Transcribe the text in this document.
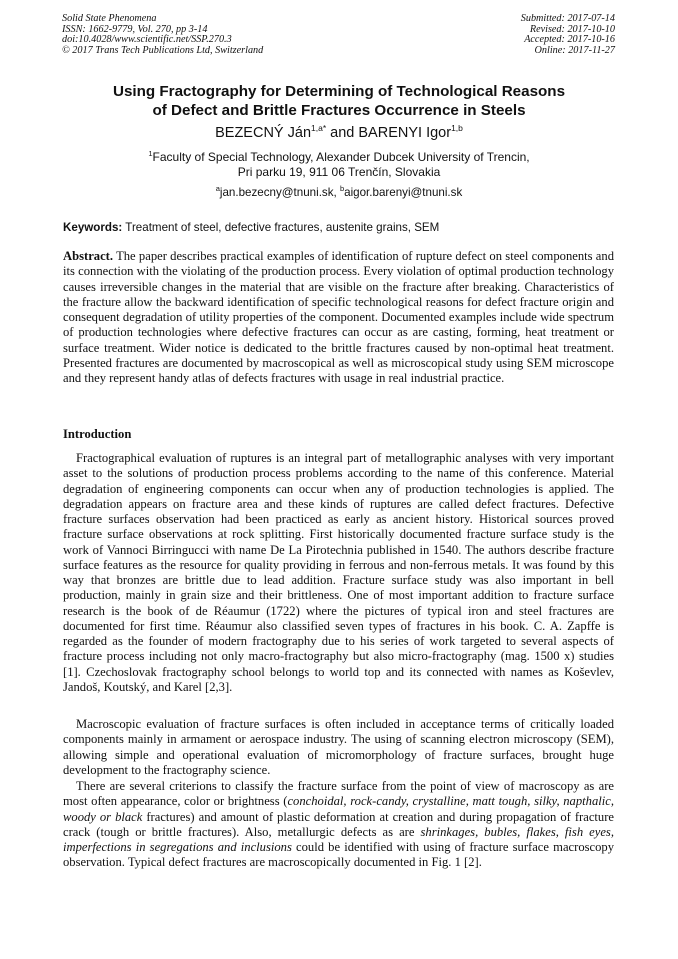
Solid State Phenomena
ISSN: 1662-9779, Vol. 270, pp 3-14
doi:10.4028/www.scientific.net/SSP.270.3
© 2017 Trans Tech Publications Ltd, Switzerland
Submitted: 2017-07-14
Revised: 2017-10-10
Accepted: 2017-10-16
Online: 2017-11-27
Using Fractography for Determining of Technological Reasons
of Defect and Brittle Fractures Occurrence in Steels
BEZECNÝ Ján$^{1,a*}$ and BARENYI Igor$^{1,b}$
$^1$Faculty of Special Technology, Alexander Dubcek University of Trencin,
Pri parku 19, 911 06 Trenčín, Slovakia
$^a$jan.bezecny@tnuni.sk, $^b$aigor.barenyi@tnuni.sk
Keywords: Treatment of steel, defective fractures, austenite grains, SEM

Abstract. The paper describes practical examples of identification of rupture defect on steel components and its connection with the violating of the production process. Every violation of optimal production technology causes irreversible changes in the material that are visible on the fracture after breaking. Characteristics of the fracture allow the backward identification of specific technological reasons for defect fracture origin and consequent degradation of utility properties of the component. Documented examples include wide spectrum of production technologies where defective fractures can occur as are casting, forming, heat treatment or surface treatment. Wider notice is dedicated to the brittle fractures caused by non-optimal heat treatment. Presented fractures are documented by macroscopical as well as microscopical study using SEM microscope and they represent handy atlas of defects fractures with usage in real industrial practice.

Introduction

Fractographical evaluation of ruptures is an integral part of metallographic analyses with very important asset to the solutions of production process problems according to the name of this conference. Material degradation of engineering components can occur when any of production technologies is applied. The degradation appears on fracture area and these kinds of ruptures are called defect fractures. Defective fracture surfaces observation had been practiced as early as ancient history. Historical sources proved fracture surface observations at rock splitting. First historically documented fracture surface study is the work of Vannoci Birringucci with name De La Pirotechnia published in 1540. The authors describe fracture surface features as the resource for quality providing in ferrous and non-ferrous metals. It was found by this way that bronzes are brittle due to lead addition. Fracture surface study was also important in bell production, mainly in grain size and their brittleness. One of most important addition to fracture surface research is the book of de Réaumur (1722) where the pictures of typical iron and steel fractures are documented for first time. Réaumur also classified seven types of fractures in his book. C. A. Zapffe is regarded as the founder of modern fractography due to his series of work targeted to several aspects of fracture process including not only macro-fractography but also micro-fractography (mag. 1500 x) studies [1]. Czechoslovak fractography school belongs to world top and its connected with names as Koševlev, Jandoš, Koutský, and Karel [2,3].

Macroscopic evaluation of fracture surfaces is often included in acceptance terms of critically loaded components mainly in armament or aerospace industry. The using of scanning electron microscopy (SEM), allowing simple and operational evaluation of micromorphology of fracture surfaces, brought huge development to the fractography science.

There are several criterions to classify the fracture surface from the point of view of macroscopy as are most often appearance, color or brightness (conchoidal, rock-candy, crystalline, matt tough, silky, napthalic, woody or black fractures) and amount of plastic deformation at creation and during propagation of fracture crack (tough or brittle fractures). Also, metallurgic defects as are shrinkages, bubles, flakes, fish eyes, imperfections in segregations and inclusions could be identified with using of fracture surface macroscopy observation. Typical defect fractures are macroscopically documented in Fig. 1 [2].
